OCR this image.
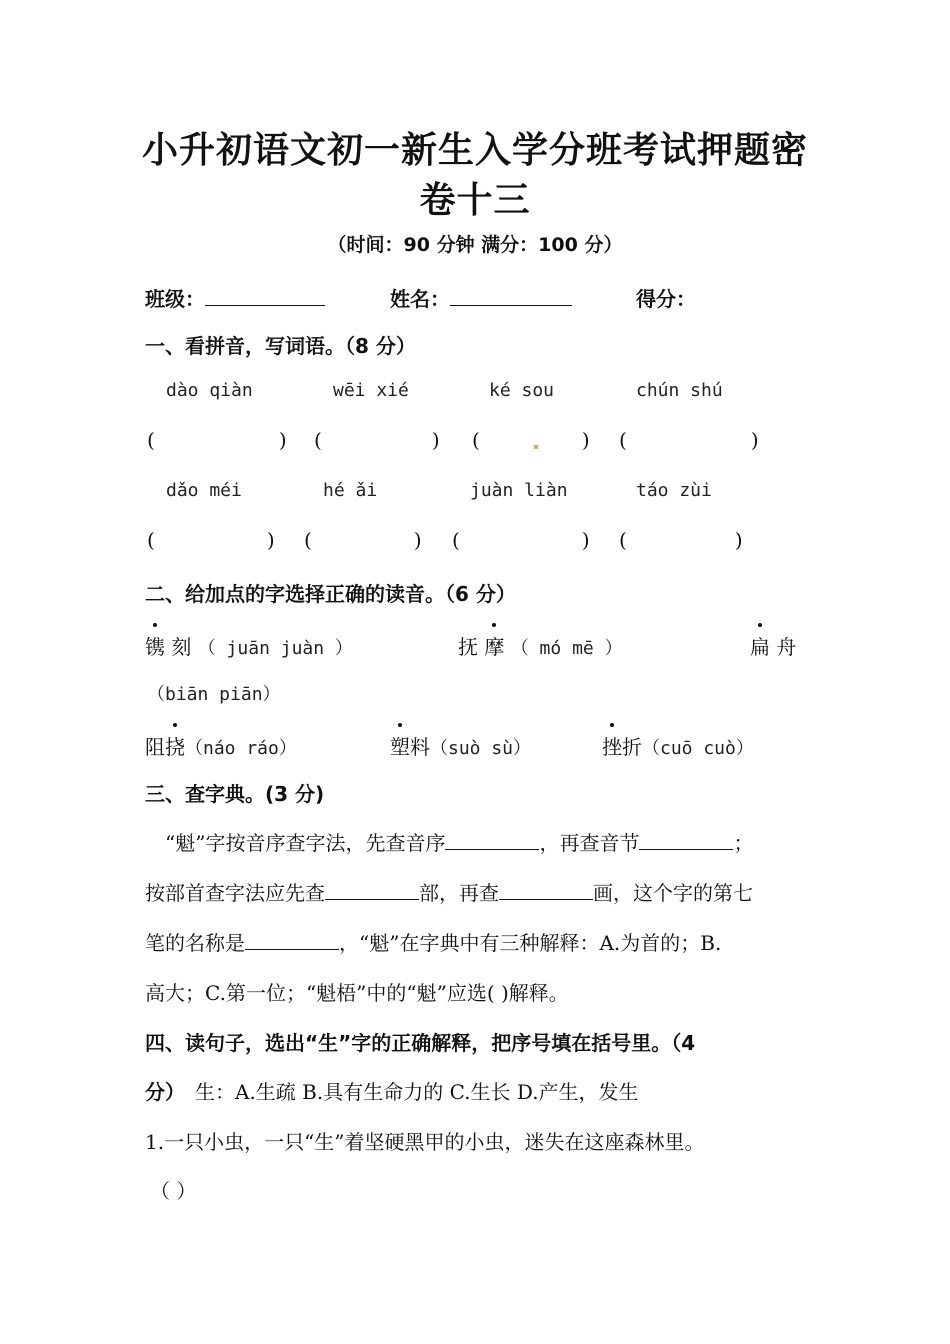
小升初语文初一新生入学分班考试押题密
卷十三
（时间：90 分钟 满分：100 分）
班级：	姓名：	得分：
一、看拼音，写词语。（8 分）
dào qiàn	wēi xié	ké sou	chún shú
(	) (	) (	) (	)
dǎo méi	hé ǎi	juàn liàn	táo zùi
(	) (	) (	) (	)
二、给加点的字选择正确的读音。（6 分）
镌 刻 （ juān juàn ）	抚 摩 （ mó mē ）	扁 舟
（biān piān）
阻挠（náo ráo）	塑料（suò sù）	挫折（cuō cuò）
三、查字典。(3 分)
“魁”字按音序查字法，先查音序	，再查音节	；
按部首查字法应先查	部，再查	画，这个字的第七
笔的名称是	，“魁”在字典中有三种解释：A.为首的；B.
高大；C.第一位；“魁梧”中的“魁”应选( )解释。
四、读句子，选出“生”字的正确解释，把序号填在括号里。（4
分） 生：A.生疏 B.具有生命力的 C.生长 D.产生，发生
1.一只小虫，一只“生”着坚硬黑甲的小虫，迷失在这座森林里。
（ ）
